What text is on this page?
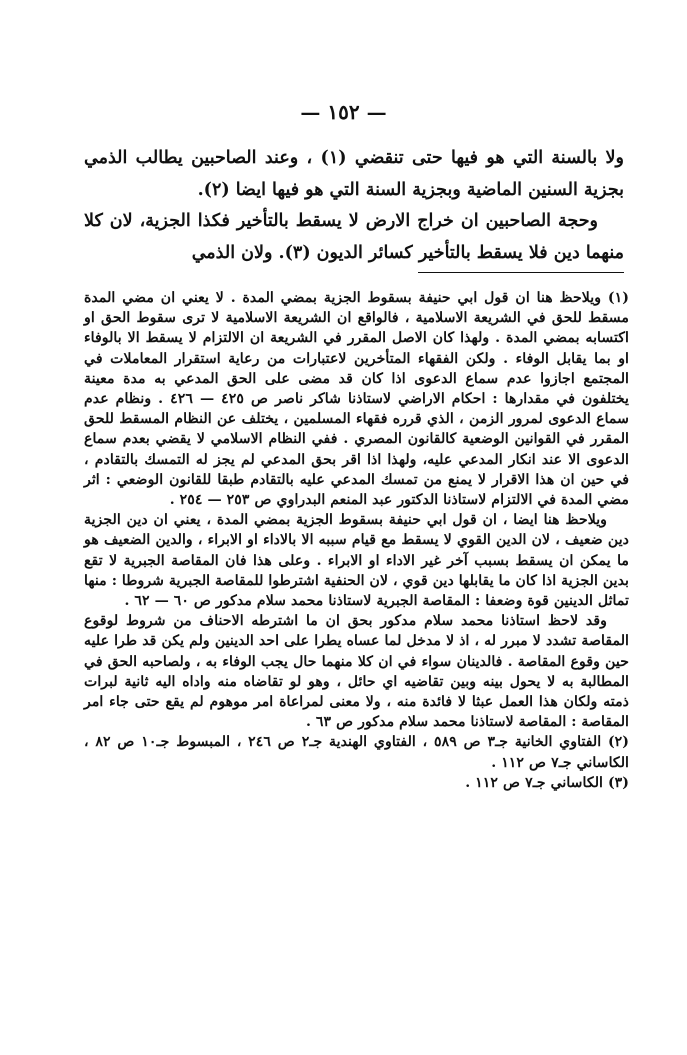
— ١٥٢ —

ولا بالسنة التي هو فيها حتى تنقضي (١) ، وعند الصاحبين يطالب الذمي بجزية السنين الماضية وبجزية السنة التي هو فيها ايضا (٢).

وحجة الصاحبين ان خراج الارض لا يسقط بالتأخير فكذا الجزية، لان كلا منهما دين فلا يسقط بالتأخير كسائر الديون (٣). ولان الذمي

(١) ويلاحظ هنا ان قول ابي حنيفة بسقوط الجزية بمضي المدة . لا يعني ان مضي المدة مسقط للحق في الشريعة الاسلامية ، فالواقع ان الشريعة الاسلامية لا ترى سقوط الحق او اكتسابه بمضي المدة . ولهذا كان الاصل المقرر في الشريعة ان الالتزام لا يسقط الا بالوفاء او بما يقابل الوفاء . ولكن الفقهاء المتأخرين لاعتبارات من رعاية استقرار المعاملات في المجتمع اجازوا عدم سماع الدعوى اذا كان قد مضى على الحق المدعي به مدة معينة يختلفون في مقدارها : احكام الاراضي لاستاذنا شاكر ناصر ص ٤٢٥ — ٤٢٦ . ونظام عدم سماع الدعوى لمرور الزمن ، الذي قرره فقهاء المسلمين ، يختلف عن النظام المسقط للحق المقرر في القوانين الوضعية كالقانون المصري . ففي النظام الاسلامي لا يقضي بعدم سماع الدعوى الا عند انكار المدعي عليه، ولهذا اذا اقر بحق المدعي لم يجز له التمسك بالتقادم ، في حين ان هذا الاقرار لا يمنع من تمسك المدعي عليه بالتقادم طبقا للقانون الوضعي : اثر مضي المدة في الالتزام لاستاذنا الدكتور عبد المنعم البدراوي ص ٢٥٣ — ٢٥٤ .

ويلاحظ هنا ايضا ، ان قول ابي حنيفة بسقوط الجزية بمضي المدة ، يعني ان دين الجزية دين ضعيف ، لان الدين القوي لا يسقط مع قيام سببه الا بالاداء او الابراء ، والدين الضعيف هو ما يمكن ان يسقط بسبب آخر غير الاداء او الابراء . وعلى هذا فان المقاصة الجبرية لا تقع بدين الجزية اذا كان ما يقابلها دين قوي ، لان الحنفية اشترطوا للمقاصة الجبرية شروطا : منها تماثل الدينين قوة وضعفا : المقاصة الجبرية لاستاذنا محمد سلام مدكور ص ٦٠ — ٦٢ .

وقد لاحظ استاذنا محمد سلام مدكور بحق ان ما اشترطه الاحناف من شروط لوقوع المقاصة تشدد لا مبرر له ، اذ لا مدخل لما عساه يطرا على احد الدينين ولم يكن قد طرا عليه حين وقوع المقاصة . فالدينان سواء في ان كلا منهما حال يجب الوفاء به ، ولصاحبه الحق في المطالبة به لا يحول بينه وبين تقاضيه اي حائل ، وهو لو تقاضاه منه واداه اليه ثانية لبرات ذمته ولكان هذا العمل عبثا لا فائدة منه ، ولا معنى لمراعاة امر موهوم لم يقع حتى جاء امر المقاصة : المقاصة لاستاذنا محمد سلام مدكور ص ٦٣ .

(٢) الفتاوي الخانية جـ٣ ص ٥٨٩ ، الفتاوي الهندية جـ٢ ص ٢٤٦ ، المبسوط جـ١٠ ص ٨٢ ، الكاساني جـ٧ ص ١١٢ .

(٣) الكاساني جـ٧ ص ١١٢ .
